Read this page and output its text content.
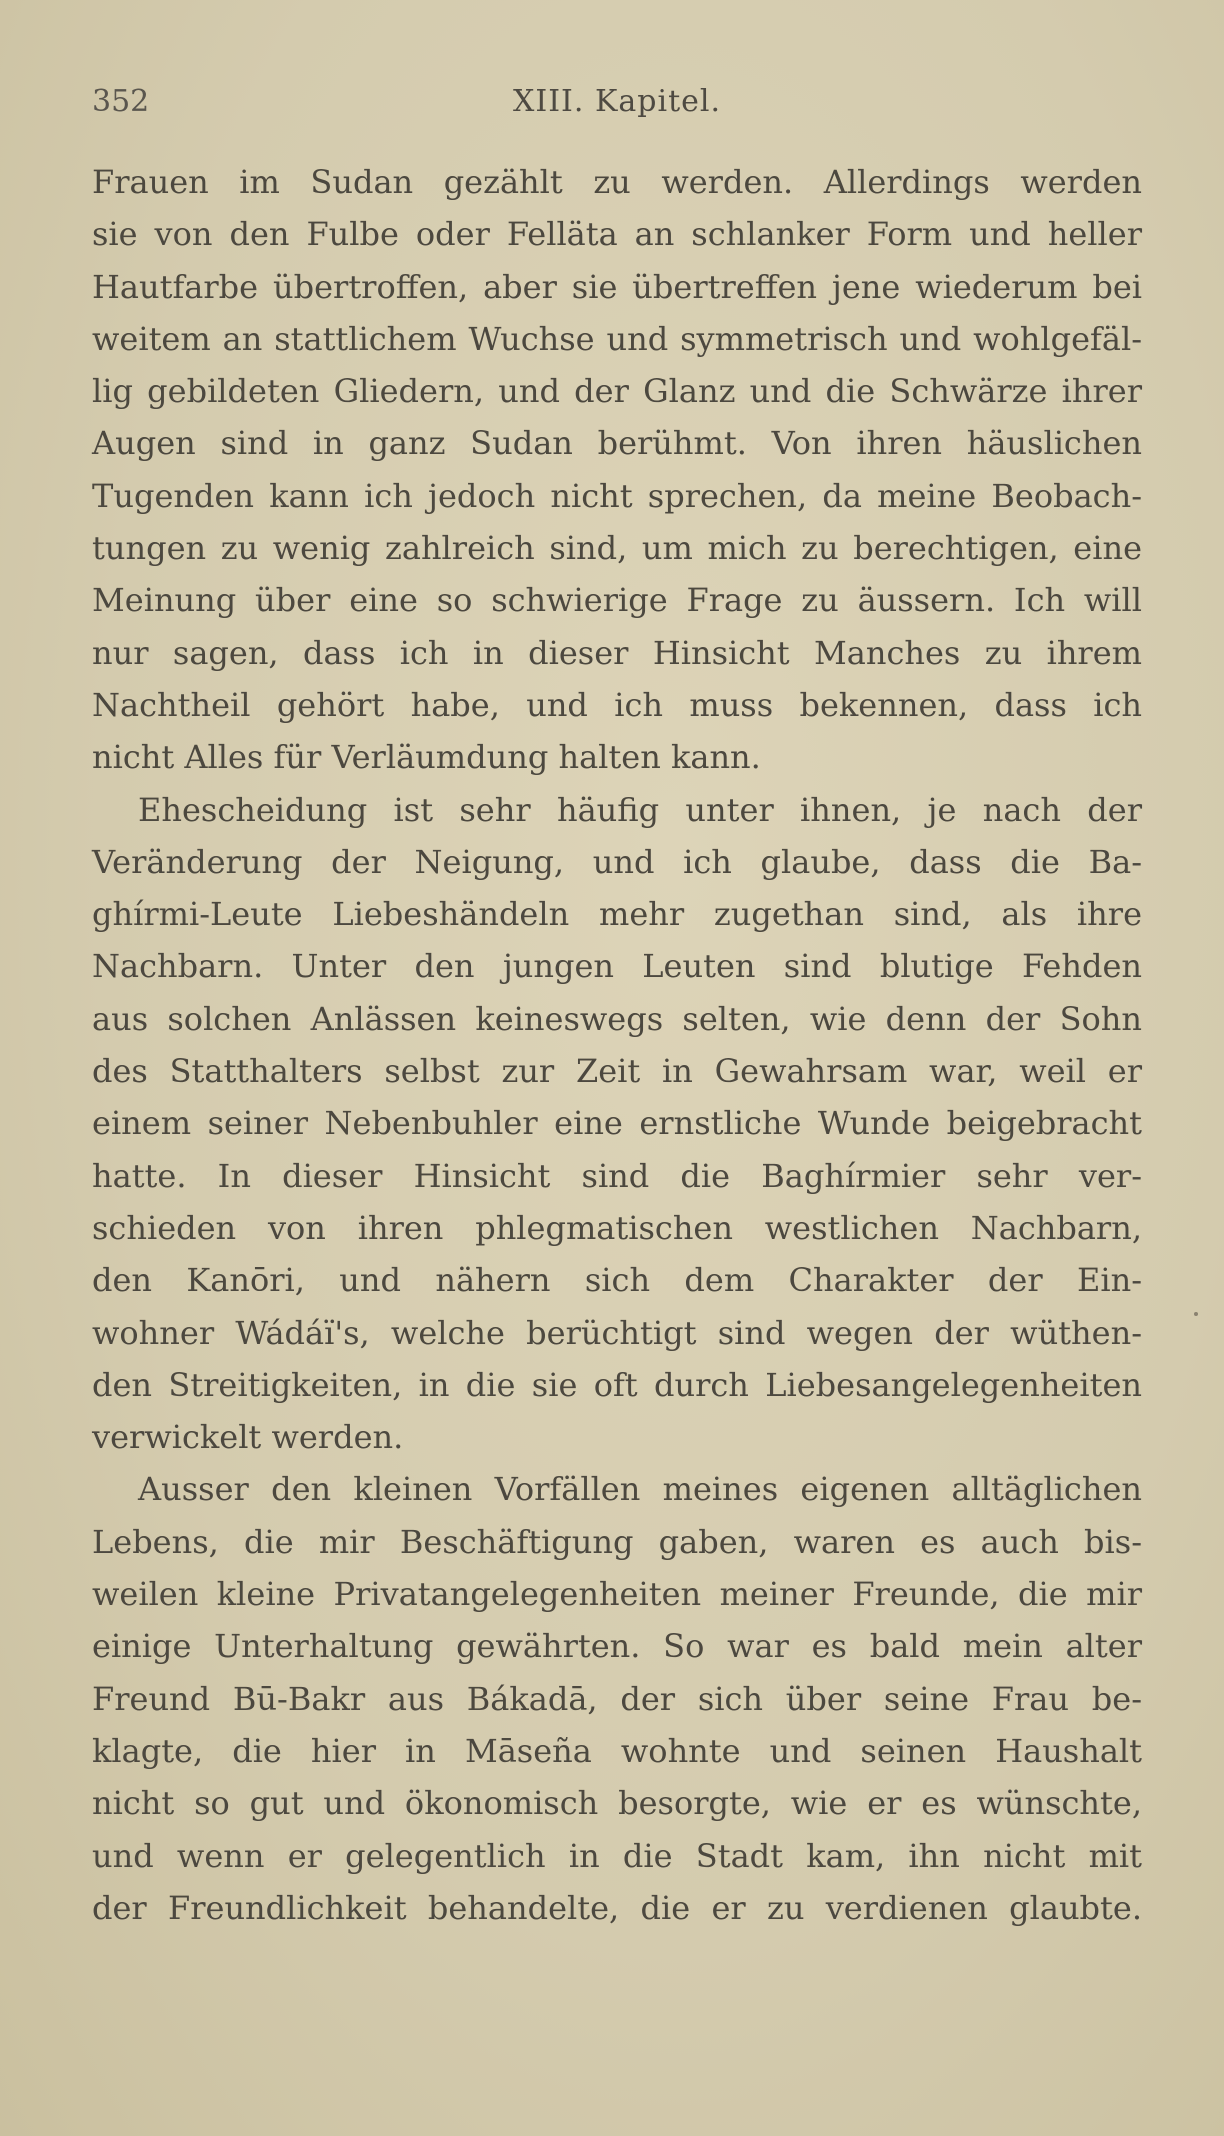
352	XIII. Kapitel.
Frauen im Sudan gezählt zu werden. Allerdings werden
sie von den Fulbe oder Felläta an schlanker Form und heller
Hautfarbe übertroffen, aber sie übertreffen jene wiederum bei
weitem an stattlichem Wuchse und symmetrisch und wohlgefäl-
lig gebildeten Gliedern, und der Glanz und die Schwärze ihrer
Augen sind in ganz Sudan berühmt. Von ihren häuslichen
Tugenden kann ich jedoch nicht sprechen, da meine Beobach-
tungen zu wenig zahlreich sind, um mich zu berechtigen, eine
Meinung über eine so schwierige Frage zu äussern. Ich will
nur sagen, dass ich in dieser Hinsicht Manches zu ihrem
Nachtheil gehört habe, und ich muss bekennen, dass ich
nicht Alles für Verläumdung halten kann.
Ehescheidung ist sehr häufig unter ihnen, je nach der
Veränderung der Neigung, und ich glaube, dass die Ba-
ghírmi-Leute Liebeshändeln mehr zugethan sind, als ihre
Nachbarn. Unter den jungen Leuten sind blutige Fehden
aus solchen Anlässen keineswegs selten, wie denn der Sohn
des Statthalters selbst zur Zeit in Gewahrsam war, weil er
einem seiner Nebenbuhler eine ernstliche Wunde beigebracht
hatte. In dieser Hinsicht sind die Baghírmier sehr ver-
schieden von ihren phlegmatischen westlichen Nachbarn,
den Kanōri, und nähern sich dem Charakter der Ein-
wohner Wádáï's, welche berüchtigt sind wegen der wüthen-
den Streitigkeiten, in die sie oft durch Liebesangelegenheiten
verwickelt werden.
Ausser den kleinen Vorfällen meines eigenen alltäglichen
Lebens, die mir Beschäftigung gaben, waren es auch bis-
weilen kleine Privatangelegenheiten meiner Freunde, die mir
einige Unterhaltung gewährten. So war es bald mein alter
Freund Bū-Bakr aus Bákadā, der sich über seine Frau be-
klagte, die hier in Māseña wohnte und seinen Haushalt
nicht so gut und ökonomisch besorgte, wie er es wünschte,
und wenn er gelegentlich in die Stadt kam, ihn nicht mit
der Freundlichkeit behandelte, die er zu verdienen glaubte.
